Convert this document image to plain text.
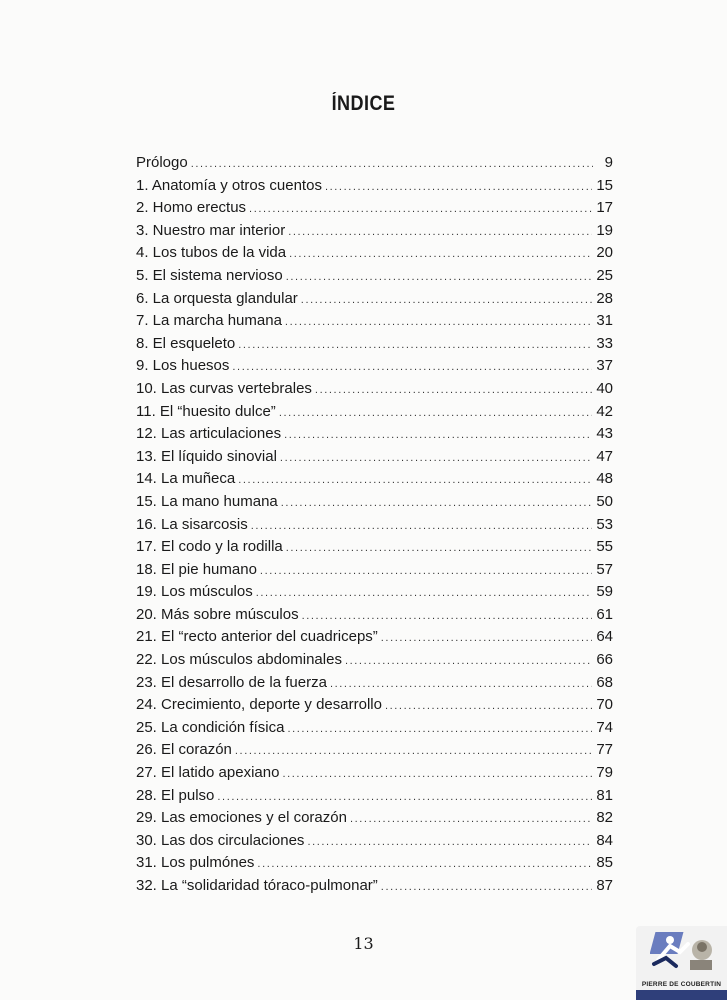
ÍNDICE
Prólogo .....	9
1. Anatomía y otros cuentos .....	15
2. Homo erectus .....	17
3. Nuestro mar interior .....	19
4. Los tubos de la vida .....	20
5. El sistema nervioso .....	25
6. La orquesta glandular .....	28
7. La marcha humana .....	31
8. El esqueleto .....	33
9. Los huesos .....	37
10. Las curvas vertebrales .....	40
11. El “huesito dulce” .....	42
12. Las articulaciones .....	43
13. El líquido sinovial .....	47
14. La muñeca .....	48
15. La mano humana .....	50
16. La sisarcosis .....	53
17. El codo y la rodilla .....	55
18. El pie humano .....	57
19. Los músculos .....	59
20. Más sobre músculos .....	61
21. El “recto anterior del cuadriceps” .....	64
22. Los músculos abdominales .....	66
23. El desarrollo de la fuerza .....	68
24. Crecimiento, deporte y desarrollo .....	70
25. La condición física .....	74
26. El corazón .....	77
27. El latido apexiano .....	79
28. El pulso .....	81
29. Las emociones y el corazón .....	82
30. Las dos circulaciones .....	84
31. Los pulmónes .....	85
32. La “solidaridad tóraco-pulmonar” .....	87
13
PIERRE DE COUBERTIN
